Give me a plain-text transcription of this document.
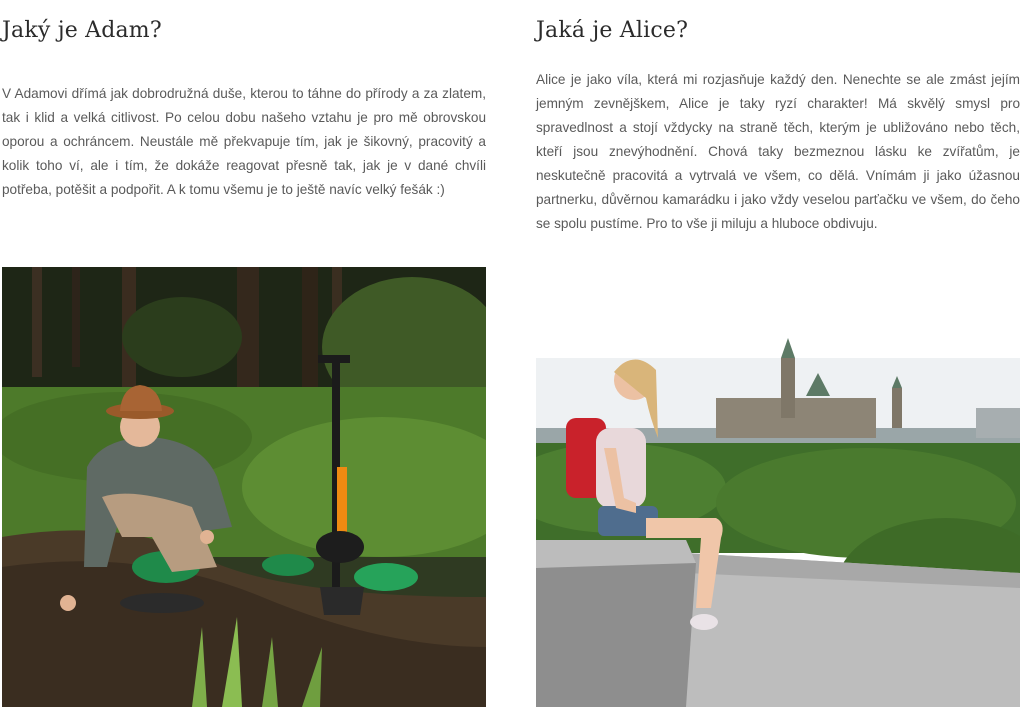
Jaký je Adam?

V Adamovi dřímá jak dobrodružná duše, kterou to táhne do přírody a za zlatem, tak i klid a velká citlivost. Po celou dobu našeho vztahu je pro mě obrovskou oporou a ochráncem. Neustále mě překvapuje tím, jak je šikovný, pracovitý a kolik toho ví, ale i tím, že dokáže reagovat přesně tak, jak je v dané chvíli potřeba, potěšit a podpořit. A k tomu všemu je to ještě navíc velký fešák :)

Jaká je Alice?

Alice je jako víla, která mi rozjasňuje každý den. Nenechte se ale zmást jejím jemným zevnějškem, Alice je taky ryzí charakter! Má skvělý smysl pro spravedlnost a stojí vždycky na straně těch, kterým je ubližováno nebo těch, kteří jsou znevýhodnění. Chová taky bezmeznou lásku ke zvířatům, je neskutečně pracovitá a vytrvalá ve všem, co dělá. Vnímám ji jako úžasnou partnerku, důvěrnou kamarádku i jako vždy veselou parťačku ve všem, do čeho se spolu pustíme. Pro to vše ji miluju a hluboce obdivuju.
